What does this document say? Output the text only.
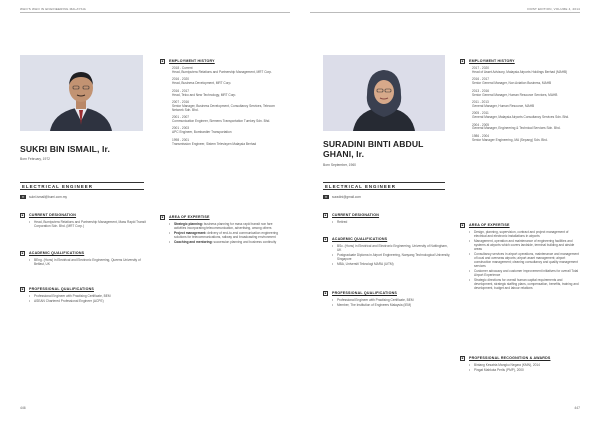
WHO'S WHO IN ENGINEERING MALAYSIA	FIRST EDITION, VOLUME 4, 2014
SUKRI BIN ISMAIL, Ir.
Born February, 1972
ELECTRICAL ENGINEER
✉	sukri.ismail@bumi.com.my
■	CURRENT DESIGNATION
• Head, Bumiputera Relations and Partnership Management, Mass Rapid Transit Corporation Sdn. Bhd. (MRT Corp.)
■	ACADEMIC QUALIFICATIONS
• BEng. (Hons) in Electrical and Electronic Engineering, Queens University of Belfast, UK
■	PROFESSIONAL QUALIFICATIONS
• Professional Engineer with Practising Certificate, BEM
• ASEAN Chartered Professional Engineer (ACPE)
■	EMPLOYMENT HISTORY
2018 - Current
Head, Bumiputera Relations and Partnership Management, MRT Corp.
2016 - 2020
Head, Business Development, MRT Corp.
2016 - 2017
Head, Telco and New Technology, MRT Corp.
2007 - 2016
Senior Manager, Business Development, Consultancy Services, Telecom Network Sdn. Bhd.
2001 - 2007
Communication Engineer, Siemens Transportation Turnkey Sdn. Bhd.
2001 - 2003
APC Engineer, Bombardier Transportation
1998 - 2001
Transmission Engineer, Sistem Televisyen Malaysia Berhad
■	AREA OF EXPERTISE
• Strategic planning: business planning for mass rapid transit non fare activities incorporating telecommunication, advertising, among others
• Project management: delivery of end-to-end communication engineering solutions for telecommunications, railway and broadcasting environment
• Coaching and mentoring: succession planning and business continuity
446
SURADINI BINTI ABDUL
GHANI, Ir.
Born September, 1960
ELECTRICAL ENGINEER
✉	suradini@gmail.com
■	CURRENT DESIGNATION
• Retired
■	ACADEMIC QUALIFICATIONS
• BSc. (Hons) in Electrical and Electronic Engineering, University of Nottingham, UK
• Postgraduate Diploma in Airport Engineering, Nanyang Technological University, Singapore
• MBA, Universiti Teknologi MARA (UiTM)
■	PROFESSIONAL QUALIFICATIONS
• Professional Engineer with Practising Certificate, BEM
• Member, The Institution of Engineers Malaysia (IEM)
■	EMPLOYMENT HISTORY
2017 - 2020
Head of Asset Advisory, Malaysia Airports Holdings Berhad (MAHB)
2016 - 2017
Senior General Manager, Non Aviation Business, MAHB
2013 - 2016
Senior General Manager, Human Resource Services, MAHB
2011 - 2013
General Manager, Human Resource, MAHB
2005 - 2011
General Manager, Malaysia Airports Consultancy Services Sdn. Bhd.
2004 - 2005
General Manager, Engineering & Technical Services Sdn. Bhd.
1986 - 2004
Senior Manager Engineering, MA (Sepang) Sdn. Bhd.
■	AREA OF EXPERTISE
• Design, planning, supervision, contract and project management of electrical and electronic installations in airports
• Management, operation and maintenance of engineering facilities and systems at airports which covers landside, terminal building and airside areas
• Consultancy services in airport operations, maintenance and management of local and overseas airports; airport asset management; airport construction management; cleaning consultancy and quality management services
• Customer advocacy and customer improvement initiatives for overall Total Airport Experience
• Strategic directions for overall human capital requirements and development, strategic staffing plans, compensation, benefits, training and development, budget and labour relations
■	PROFESSIONAL RECOGNITION & AWARDS
• Bintang Kesatria Mangku Negara (KMN), 2014
• Pingat Mahkota Perlis (PMP), 2000
447
